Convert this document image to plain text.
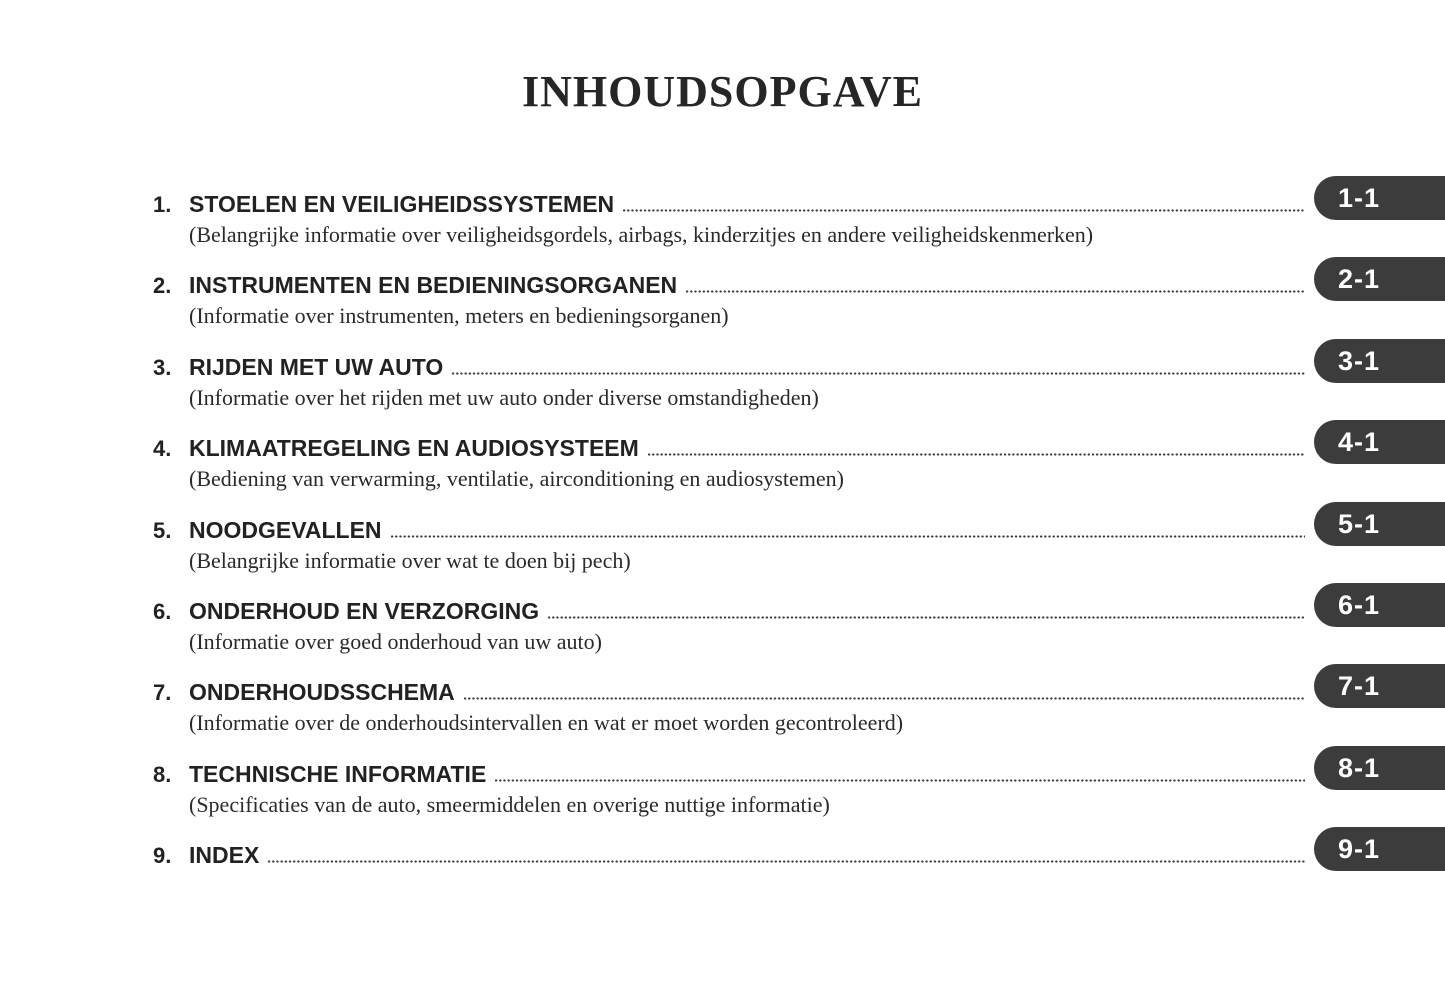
INHOUDSOPGAVE
1. STOELEN EN VEILIGHEIDSSYSTEMEN
(Belangrijke informatie over veiligheidsgordels, airbags, kinderzitjes en andere veiligheidskenmerken)
1-1
2. INSTRUMENTEN EN BEDIENINGSORGANEN
(Informatie over instrumenten, meters en bedieningsorganen)
2-1
3. RIJDEN MET UW AUTO
(Informatie over het rijden met uw auto onder diverse omstandigheden)
3-1
4. KLIMAATREGELING EN AUDIOSYSTEEM
(Bediening van verwarming, ventilatie, airconditioning en audiosystemen)
4-1
5. NOODGEVALLEN
(Belangrijke informatie over wat te doen bij pech)
5-1
6. ONDERHOUD EN VERZORGING
(Informatie over goed onderhoud van uw auto)
6-1
7. ONDERHOUDSSCHEMA
(Informatie over de onderhoudsintervallen en wat er moet worden gecontroleerd)
7-1
8. TECHNISCHE INFORMATIE
(Specificaties van de auto, smeermiddelen en overige nuttige informatie)
8-1
9. INDEX	9-1
